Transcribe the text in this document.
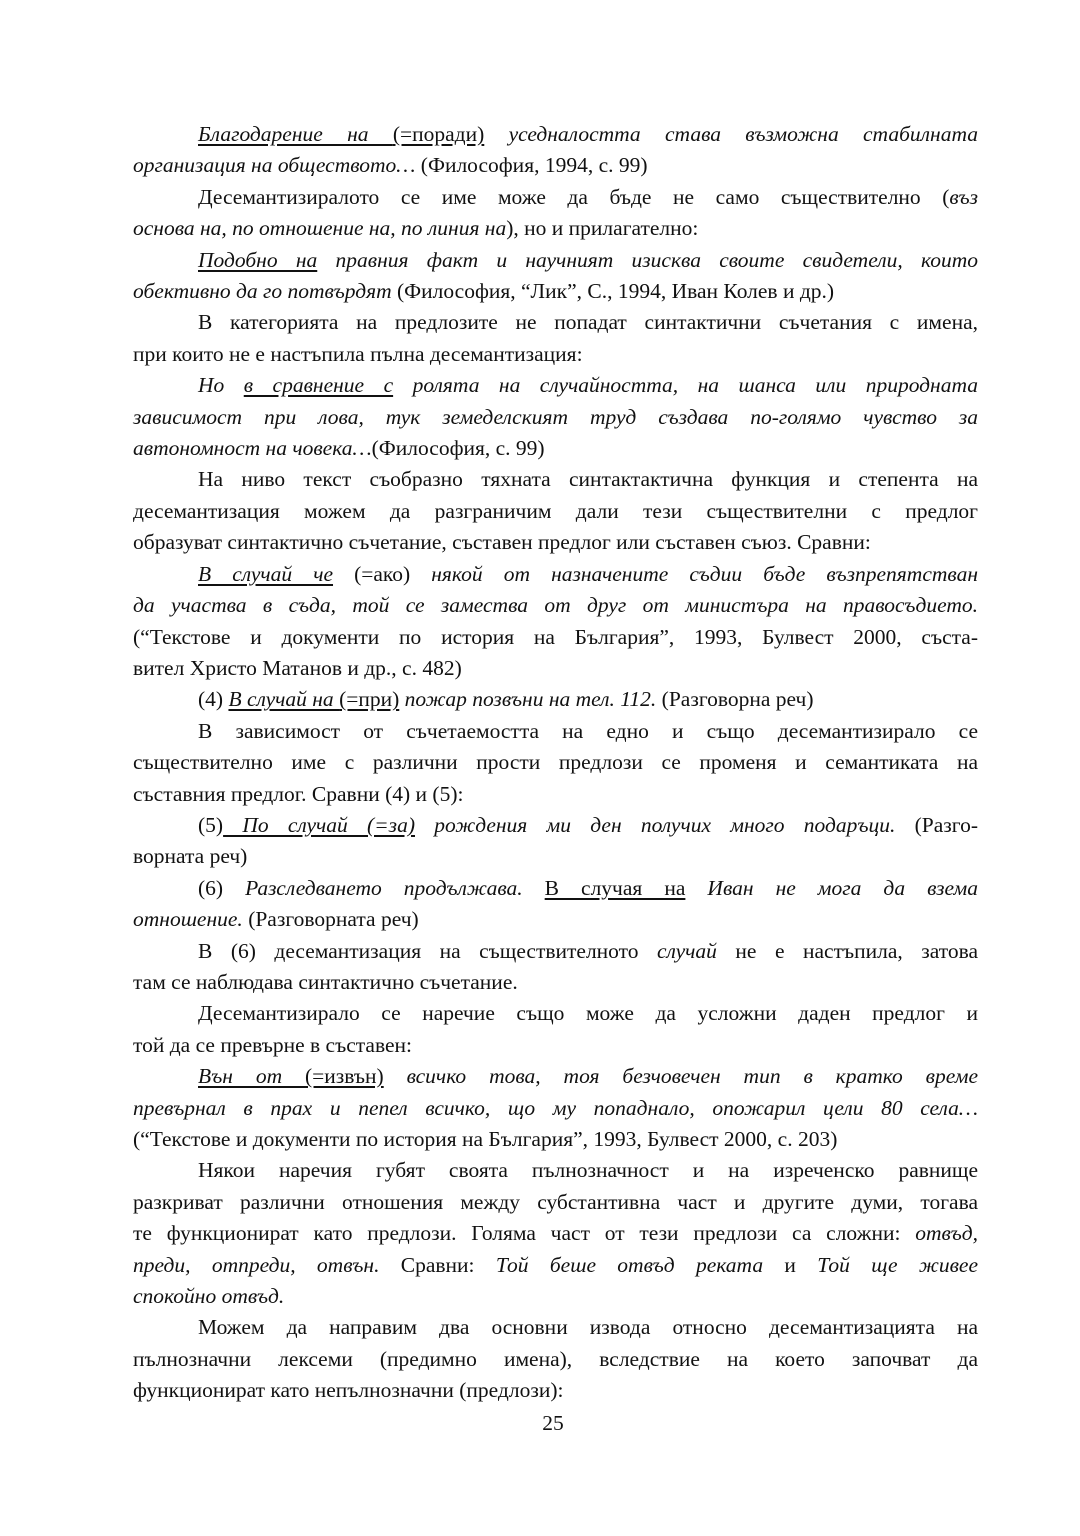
Благодарение на (=поради) уседналостта става възможна стабилната
организация на обществото… (Философия, 1994, с. 99)
Десемантизиралото се име може да бъде не само съществително (въз
основа на, по отношение на, по линия на), но и прилагателно:
Подобно на правния факт и научният изисква своите свидетели, които
обективно да го потвърдят (Философия, “Лик”, С., 1994, Иван Колев и др.)
В категорията на предлозите не попадат синтактични съчетания с имена,
при които не е настъпила пълна десемантизация:
Но в сравнение с ролята на случайността, на шанса или природната
зависимост при лова, тук земеделският труд създава по-голямо чувство за
автономност на човека…(Философия, с. 99)
На ниво текст съобразно тяхната синтактактична функция и степента на
десемантизация можем да разграничим дали тези съществителни с предлог
образуват синтактично съчетание, съставен предлог или съставен съюз. Сравни:
В случай че (=ако) някой от назначените съдии бъде възпрепятстван
да участва в съда, той се замества от друг от министъра на правосъдието.
(“Текстове и документи по история на България”, 1993, Булвест 2000, съста-
вител Христо Матанов и др., с. 482)
(4) В случай на (=при) пожар позвъни на тел. 112. (Разговорна реч)
В зависимост от съчетаемостта на едно и също десемантизирало се
съществително име с различни прости предлози се променя и семантиката на
съставния предлог. Сравни (4) и (5):
(5) По случай (=за) рождения ми ден получих много подаръци. (Разго-
ворната реч)
(6) Разследването продължава. В случая на Иван не мога да взема
отношение. (Разговорната реч)
В (6) десемантизация на съществителното случай не е настъпила, затова
там се наблюдава синтактично съчетание.
Десемантизирало се наречие също може да усложни даден предлог и
той да се превърне в съставен:
Вън от (=извън) всичко това, тоя безчовечен тип в кратко време
превърнал в прах и пепел всичко, що му попаднало, опожарил цели 80 села…
(“Текстове и документи по история на България”, 1993, Булвест 2000, с. 203)
Някои наречия губят своята пълнозначност и на изреченско равнище
разкриват различни отношения между субстантивна част и другите думи, тогава
те функционират като предлози. Голяма част от тези предлози са сложни: отвъд,
преди, отпреди, отвън. Сравни: Той беше отвъд реката и Той ще живее
спокойно отвъд.
Можем да направим два основни извода относно десемантизацията на
пълнозначни лексеми (предимно имена), вследствие на което започват да
функционират като непълнозначни (предлози):
25
